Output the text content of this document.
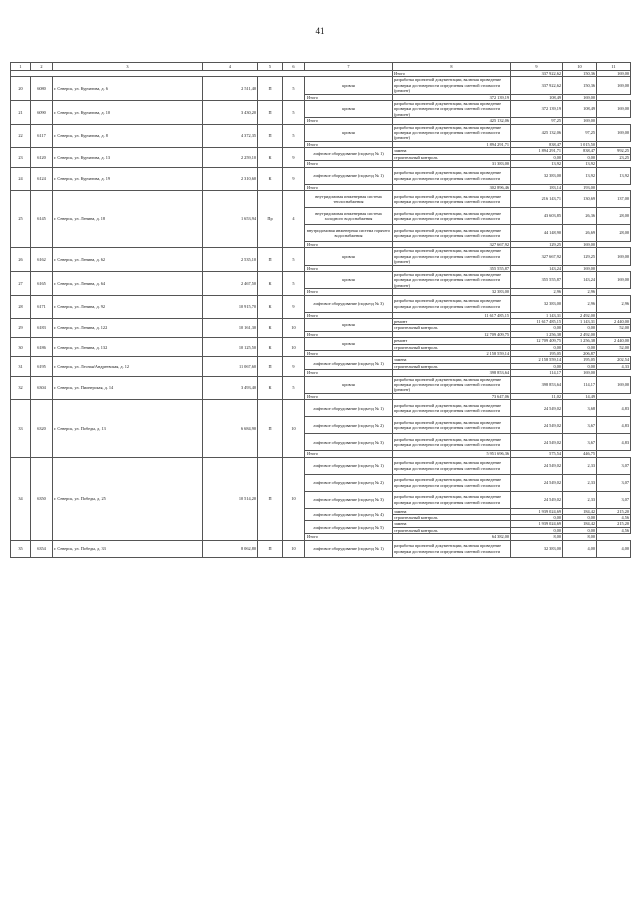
41
1	2	3	4	5	6	7	8	9	10	11
							Итого	337 922,62	150,36	169,00
20	6080	г. Северск, ул. Курчатова, д. 6	2 511,40	П	5	кровля	разработка проектной документации, включая проведение проверки достоверности определения сметной стоимости (ремонт)	337 922,62	150,36	169,00
						Итого	372 139,19	108,49	169,00	
21	6090	г. Северск, ул. Курчатова, д. 10	3 430,20	П	5	кровля	разработка проектной документации, включая проведение проверки достоверности определения сметной стоимости (ремонт)	372 139,19	108,49	169,00
						Итого	425 132,06	97,25	169,00	
22	6117	г. Северск, ул. Курчатова, д. 8	4 372,35	П	5	кровля	разработка проектной документации, включая проведение проверки достоверности определения сметной стоимости (ремонт)	425 132,06	97,25	169,00
						Итого	1 894 291,71	838,47	1 015,50	
23	6120	г. Северск, ул. Курчатова, д. 13	2 259,10	К	9	лифтовое оборудование (подъезд № 1)	замена	1 894 291,71	838,47	992,25
							строительный контроль	0,00	0,00	23,25
						Итого	31 383,00	13,92	13,92	
24	6124	г. Северск, ул. Курчатова, д. 19	2 310,60	К	9	лифтовое оборудование (подъезд № 1)	разработка проектной документации, включая проведение проверки достоверности определения сметной стоимости	32 383,00	13,92	13,92
						Итого	302 896,46	183,14	193,00	
25	6145	г. Северск, ул. Ленина, д. 18	1 653,94	Пр	4	внутридомовая инженерная система теплоснабжения	разработка проектной документации, включая проведение проверки достоверности определения сметной стоимости	216 143,71	130,69	137,00
						внутридомовая инженерная система холодного водоснабжения	разработка проектной документации, включая проведение проверки достоверности определения сметной стоимости	43 603,85	26,36	28,00
						внутридомовая инженерная система горячего водоснабжения	разработка проектной документации, включая проведение проверки достоверности определения сметной стоимости	44 148,90	26,69	28,00
						Итого	327 667,92	129,25	169,00	
26	6162	г. Северск, ул. Ленина, д. 62	2 535,10	П	5	кровля	разработка проектной документации, включая проведение проверки достоверности определения сметной стоимости (ремонт)	327 667,92	129,25	169,00
						Итого	355 555,87	143,24	169,00	
27	6165	г. Северск, ул. Ленина, д. 64	2 467,50	К	5	кровля	разработка проектной документации, включая проведение проверки достоверности определения сметной стоимости (ремонт)	355 555,87	143,24	169,00
						Итого	32 383,00	2,96	2,96	
28	6171	г. Северск, ул. Ленина, д. 92	10 915,70	К	9	лифтовое оборудование (подъезд № 3)	разработка проектной документации, включая проведение проверки достоверности определения сметной стоимости	32 383,00	2,96	2,96
						Итого	11 617 485,15	1 143,31	2 492,00	
29	6183	г. Северск, ул. Ленина, д. 122	10 161,30	К	10	кровля	ремонт	11 617 485,15	1 143,31	2 440,00
							строительный контроль	0,00	0,00	52,00
						Итого	12 709 409,75	1 256,38	2 492,00	
30	6186	г. Северск, ул. Ленина, д. 132	10 125,50	К	10	кровля	ремонт	12 709 409,75	1 256,38	2 440,00
							строительный контроль	0,00	0,00	52,00
						Итого	2 158 559,14	195,05	206,87	
31	6195	г. Северск, ул. Лесная/Андреевская, д. 12	11 067,60	П	9	лифтовое оборудование (подъезд № 1)	замена	2 158 559,14	195,05	202,54
							строительный контроль	0,00	0,00	4,33
						Итого	398 853,64	114,17	169,00	
32	6304	г. Северск, ул. Пионерская, д. 14	3 493,40	К	5	кровля	разработка проектной документации, включая проведение проверки достоверности определения сметной стоимости (ремонт)	398 853,64	114,17	169,00
						Итого	73 647,06	11,02	14,49	
33	6320	г. Северск, ул. Победы, д. 13	6 684,90	П	10	лифтовое оборудование (подъезд № 1)	разработка проектной документации, включая проведение проверки достоверности определения сметной стоимости	24 549,02	3,68	4,83
						лифтовое оборудование (подъезд № 2)	разработка проектной документации, включая проведение проверки достоверности определения сметной стоимости	24 549,02	3,67	4,83
						лифтовое оборудование (подъезд № 3)	разработка проектной документации, включая проведение проверки достоверности определения сметной стоимости	24 549,02	3,67	4,83
						Итого	5 951 696,36	575,54	446,75	
34	6350	г. Северск, ул. Победы, д. 25	10 514,20	П	10	лифтовое оборудование (подъезд № 1)	разработка проектной документации, включая проведение проверки достоверности определения сметной стоимости	24 549,02	2,33	3,07
						лифтовое оборудование (подъезд № 2)	разработка проектной документации, включая проведение проверки достоверности определения сметной стоимости	24 549,02	2,33	3,07
						лифтовое оборудование (подъезд № 3)	разработка проектной документации, включая проведение проверки достоверности определения сметной стоимости	24 549,02	2,33	3,07
						лифтовое оборудование (подъезд № 4)	замена	1 939 024,69	184,42	215,20
							строительный контроль	0,00	0,00	4,56
						лифтовое оборудование (подъезд № 5)	замена	1 939 024,69	184,42	215,20
							строительный контроль	0,00	0,00	4,56
						Итого	64 382,00	8,00	8,00	
35	6354	г. Северск, ул. Победы, д. 33	8 062,80	П	10	лифтовое оборудование (подъезд № 1)	разработка проектной документации, включая проведение проверки достоверности определения сметной стоимости	32 383,00	4,00	4,00
